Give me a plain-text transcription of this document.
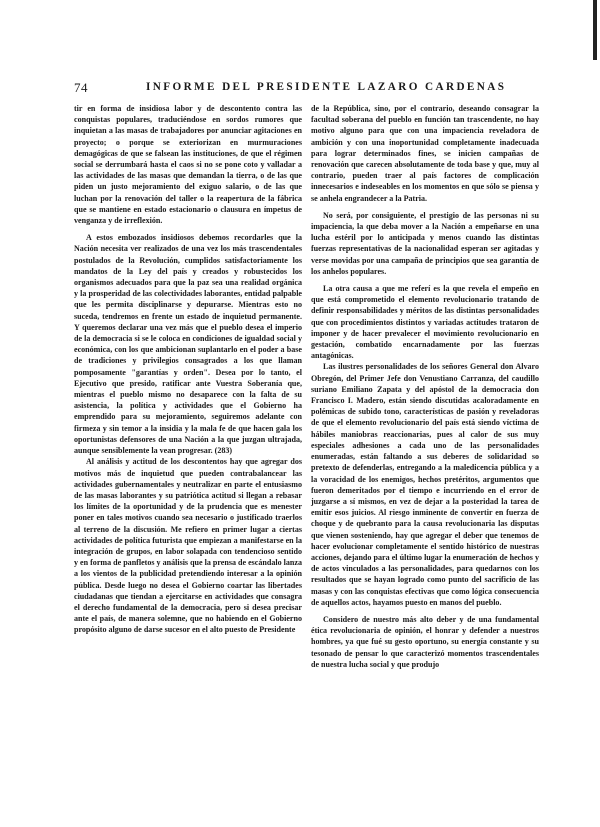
74	INFORME DEL PRESIDENTE LAZARO CARDENAS

tir en forma de insidiosa labor y de descontento contra las conquistas populares, traduciéndose en sordos rumores que inquietan a las masas de trabajadores por anunciar agitaciones en proyecto; o porque se exteriorizan en murmuraciones demagógicas de que se falsean las instituciones, de que el régimen social se derrumbará hasta el caos si no se pone coto y valladar a las actividades de las masas que demandan la tierra, o de las que piden un justo mejoramiento del exiguo salario, o de las que luchan por la renovación del taller o la reapertura de la fábrica que se mantiene en estado estacionario o clausura en ímpetus de venganza y de irreflexión.

A estos embozados insidiosos debemos recordarles que la Nación necesita ver realizados de una vez los más trascendentales postulados de la Revolución, cumplidos satisfactoriamente los mandatos de la Ley del país y creados y robustecidos los organismos adecuados para que la paz sea una realidad orgánica y la prosperidad de las colectividades laborantes, entidad palpable que les permita disciplinarse y depurarse. Mientras esto no suceda, tendremos en frente un estado de inquietud permanente. Y queremos declarar una vez más que el pueblo desea el imperio de la democracia si se le coloca en condiciones de igualdad social y económica, con los que ambicionan suplantarlo en el poder a base de tradiciones y privilegios consagrados a los que llaman pomposamente "garantías y orden". Desea por lo tanto, el Ejecutivo que presido, ratificar ante Vuestra Soberanía que, mientras el pueblo mismo no desaparece con la falta de su asistencia, la política y actividades que el Gobierno ha emprendido para su mejoramiento, seguiremos adelante con firmeza y sin temor a la insidia y la mala fe de que hacen gala los oportunistas defensores de una Nación a la que juzgan ultrajada, aunque sensiblemente la vean progresar. (283)

Al análisis y actitud de los descontentos hay que agregar dos motivos más de inquietud que pueden contrabalancear las actividades gubernamentales y neutralizar en parte el entusiasmo de las masas laborantes y su patriótica actitud si llegan a rebasar los límites de la oportunidad y de la prudencia que es menester poner en tales motivos cuando sea necesario o justificado traerlos al terreno de la discusión. Me refiero en primer lugar a ciertas actividades de política futurista que empiezan a manifestarse en la integración de grupos, en labor solapada con tendencioso sentido y en forma de panfletos y análisis que la prensa de escándalo lanza a los vientos de la publicidad pretendiendo interesar a la opinión pública. Desde luego no desea el Gobierno coartar las libertades ciudadanas que tiendan a ejercitarse en actividades que consagra el derecho fundamental de la democracia, pero si desea precisar ante el país, de manera solemne, que no habiendo en el Gobierno propósito alguno de darse sucesor en el alto puesto de Presidente

de la República, sino, por el contrario, deseando consagrar la facultad soberana del pueblo en función tan trascendente, no hay motivo alguno para que con una impaciencia reveladora de ambición y con una inoportunidad completamente inadecuada para lograr determinados fines, se inicien campañas de renovación que carecen absolutamente de toda base y que, muy al contrario, pueden traer al país factores de complicación innecesarios e indeseables en los momentos en que sólo se piensa y se anhela engrandecer a la Patria.

No será, por consiguiente, el prestigio de las personas ni su impaciencia, la que deba mover a la Nación a empeñarse en una lucha estéril por lo anticipada y menos cuando las distintas fuerzas representativas de la nacionalidad esperan ser agitadas y verse movidas por una campaña de principios que sea garantía de los anhelos populares.

La otra causa a que me referí es la que revela el empeño en que está comprometido el elemento revolucionario tratando de definir responsabilidades y méritos de las distintas personalidades que con procedimientos distintos y variadas actitudes trataron de imponer y de hacer prevalecer el movimiento revolucionario en gestación, combatido encarnadamente por las fuerzas antagónicas.

Las ilustres personalidades de los señores General don Alvaro Obregón, del Primer Jefe don Venustiano Carranza, del caudillo suriano Emiliano Zapata y del apóstol de la democracia don Francisco I. Madero, están siendo discutidas acaloradamente en polémicas de subido tono, características de pasión y reveladoras de que el elemento revolucionario del país está siendo víctima de hábiles maniobras reaccionarias, pues al calor de sus muy especiales adhesiones a cada uno de las personalidades enumeradas, están faltando a sus deberes de solidaridad so pretexto de defenderlas, entregando a la maledicencia pública y a la voracidad de los enemigos, hechos pretéritos, argumentos que fueron demeritados por el tiempo e incurriendo en el error de juzgarse a sí mismos, en vez de dejar a la posteridad la tarea de emitir esos juicios. Al riesgo inminente de convertir en fuerza de choque y de quebranto para la causa revolucionaria las disputas que vienen sosteniendo, hay que agregar el deber que tenemos de hacer evolucionar completamente el sentido histórico de nuestras acciones, dejando para el último lugar la enumeración de hechos y de actos vinculados a las personalidades, para quedarnos con los resultados que se hayan logrado como punto del sacrificio de las masas y con las conquistas efectivas que como lógica consecuencia de aquellos actos, hayamos puesto en manos del pueblo.

Considero de nuestro más alto deber y de una fundamental ética revolucionaria de opinión, el honrar y defender a nuestros hombres, ya que fué su gesto oportuno, su energía constante y su tesonado de pensar lo que caracterizó momentos trascendentales de nuestra lucha social y que produjo
